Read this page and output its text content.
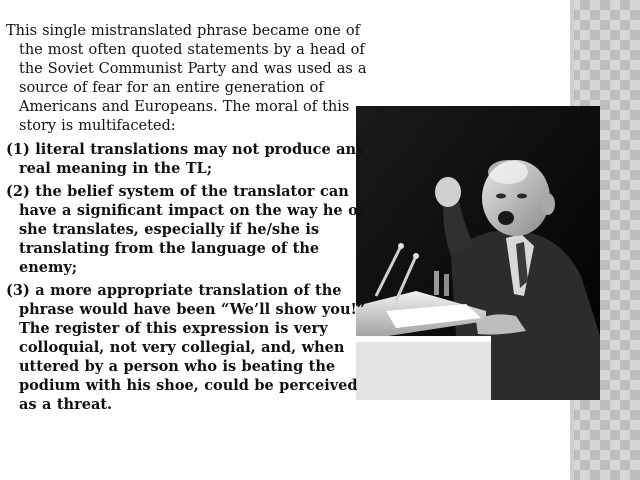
This single mistranslated phrase became one of the most often quoted statements by a head of the Soviet Communist Party and was used as a source of fear for an entire generation of Americans and Europeans. The moral of this story is multifaceted:

(1) literal translations may not produce any real meaning in the TL;

(2) the belief system of the translator can have a significant impact on the way he or she translates, especially if he/she is translating from the language of the enemy;

(3) a more appropriate translation of the phrase would have been “We’ll show you!” The register of this expression is very colloquial, not very collegial, and, when uttered by a person who is beating the podium with his shoe, could be perceived as a threat.
